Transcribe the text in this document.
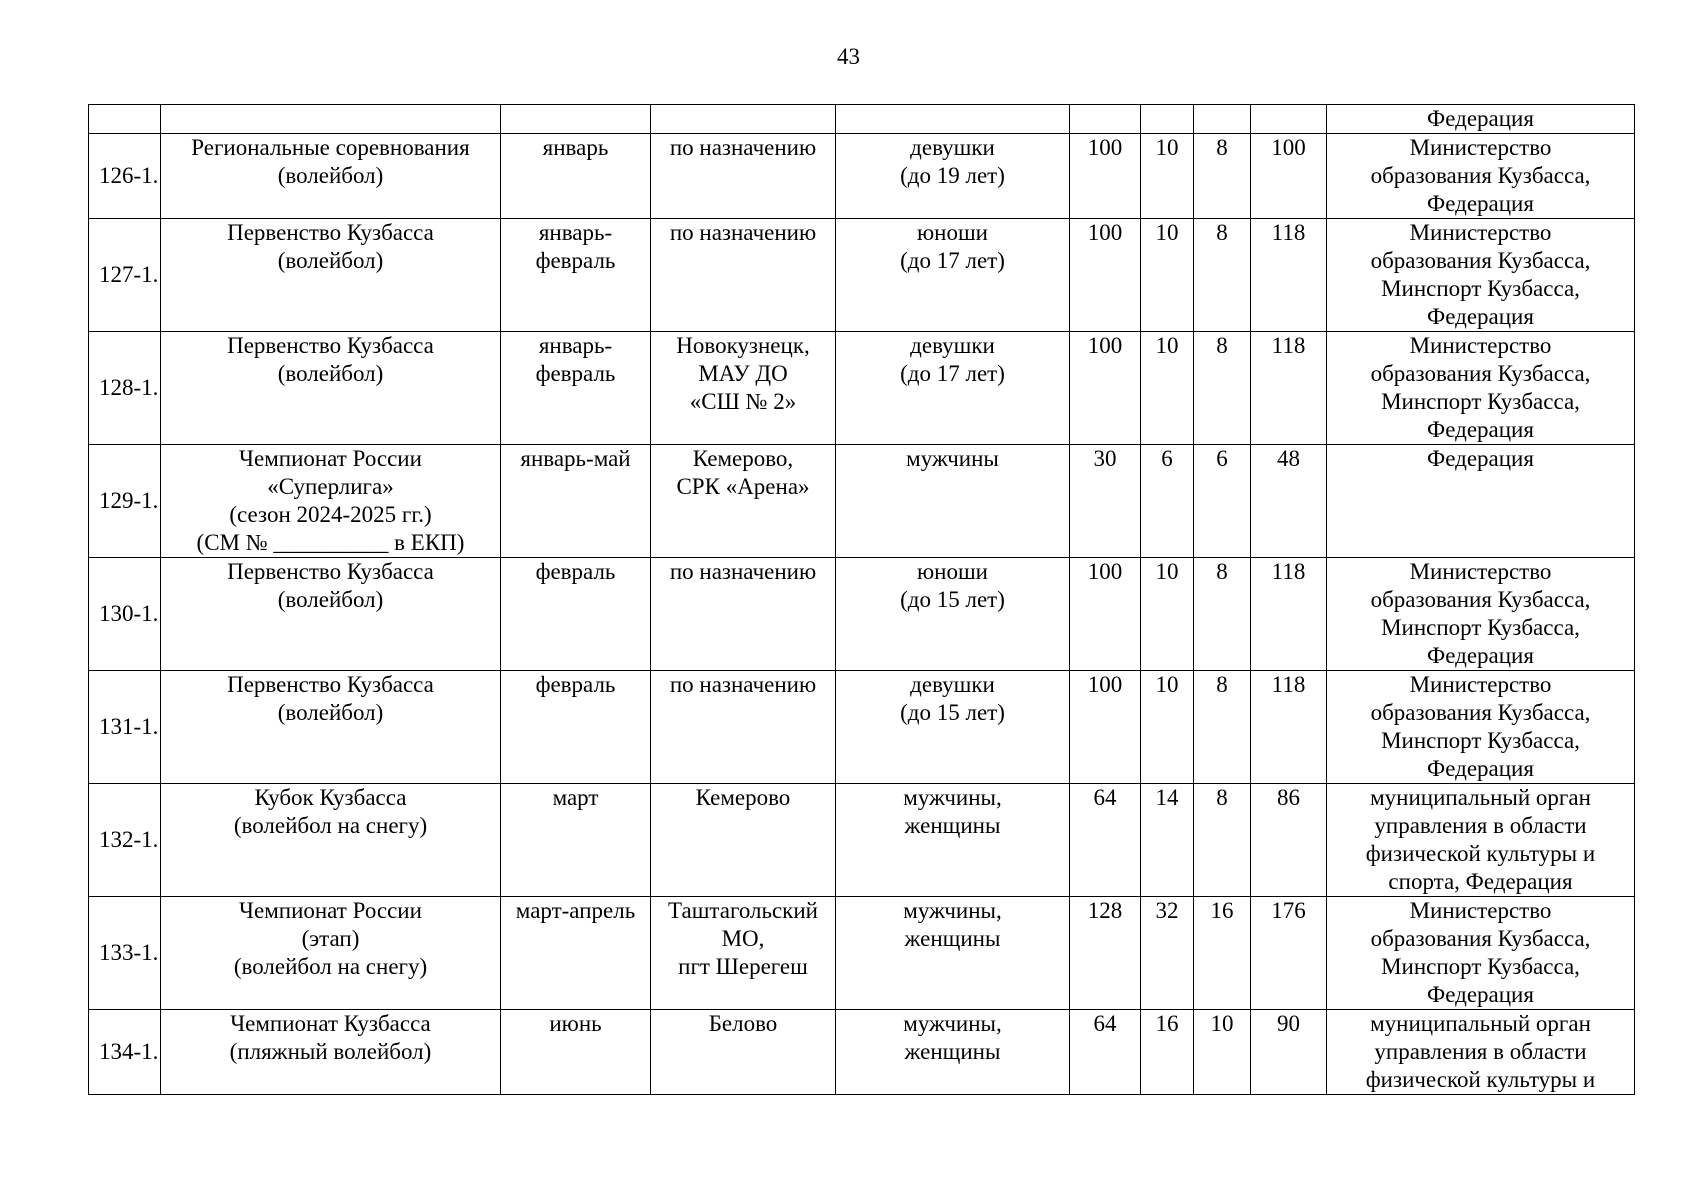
43

									Федерация

126-1.	Региональные соревнования
(волейбол)	январь	по назначению	девушки
(до 19 лет)	100	10	8	100	Министерство
образования Кузбасса,
Федерация

127-1.	Первенство Кузбасса
(волейбол)	январь-
февраль	по назначению	юноши
(до 17 лет)	100	10	8	118	Министерство
образования Кузбасса,
Минспорт Кузбасса,
Федерация

128-1.	Первенство Кузбасса
(волейбол)	январь-
февраль	Новокузнецк,
МАУ ДО
«СШ № 2»	девушки
(до 17 лет)	100	10	8	118	Министерство
образования Кузбасса,
Минспорт Кузбасса,
Федерация

129-1.	Чемпионат России
«Суперлига»
(сезон 2024-2025 гг.)
(СМ № __________ в ЕКП)	январь-май	Кемерово,
СРК «Арена»	мужчины	30	6	6	48	Федерация

130-1.	Первенство Кузбасса
(волейбол)	февраль	по назначению	юноши
(до 15 лет)	100	10	8	118	Министерство
образования Кузбасса,
Минспорт Кузбасса,
Федерация

131-1.	Первенство Кузбасса
(волейбол)	февраль	по назначению	девушки
(до 15 лет)	100	10	8	118	Министерство
образования Кузбасса,
Минспорт Кузбасса,
Федерация

132-1.	Кубок Кузбасса
(волейбол на снегу)	март	Кемерово	мужчины,
женщины	64	14	8	86	муниципальный орган
управления в области
физической культуры и
спорта, Федерация

133-1.	Чемпионат России
(этап)
(волейбол на снегу)	март-апрель	Таштагольский
МО,
пгт Шерегеш	мужчины,
женщины	128	32	16	176	Министерство
образования Кузбасса,
Минспорт Кузбасса,
Федерация

134-1.	Чемпионат Кузбасса
(пляжный волейбол)	июнь	Белово	мужчины,
женщины	64	16	10	90	муниципальный орган
управления в области
физической культуры и
